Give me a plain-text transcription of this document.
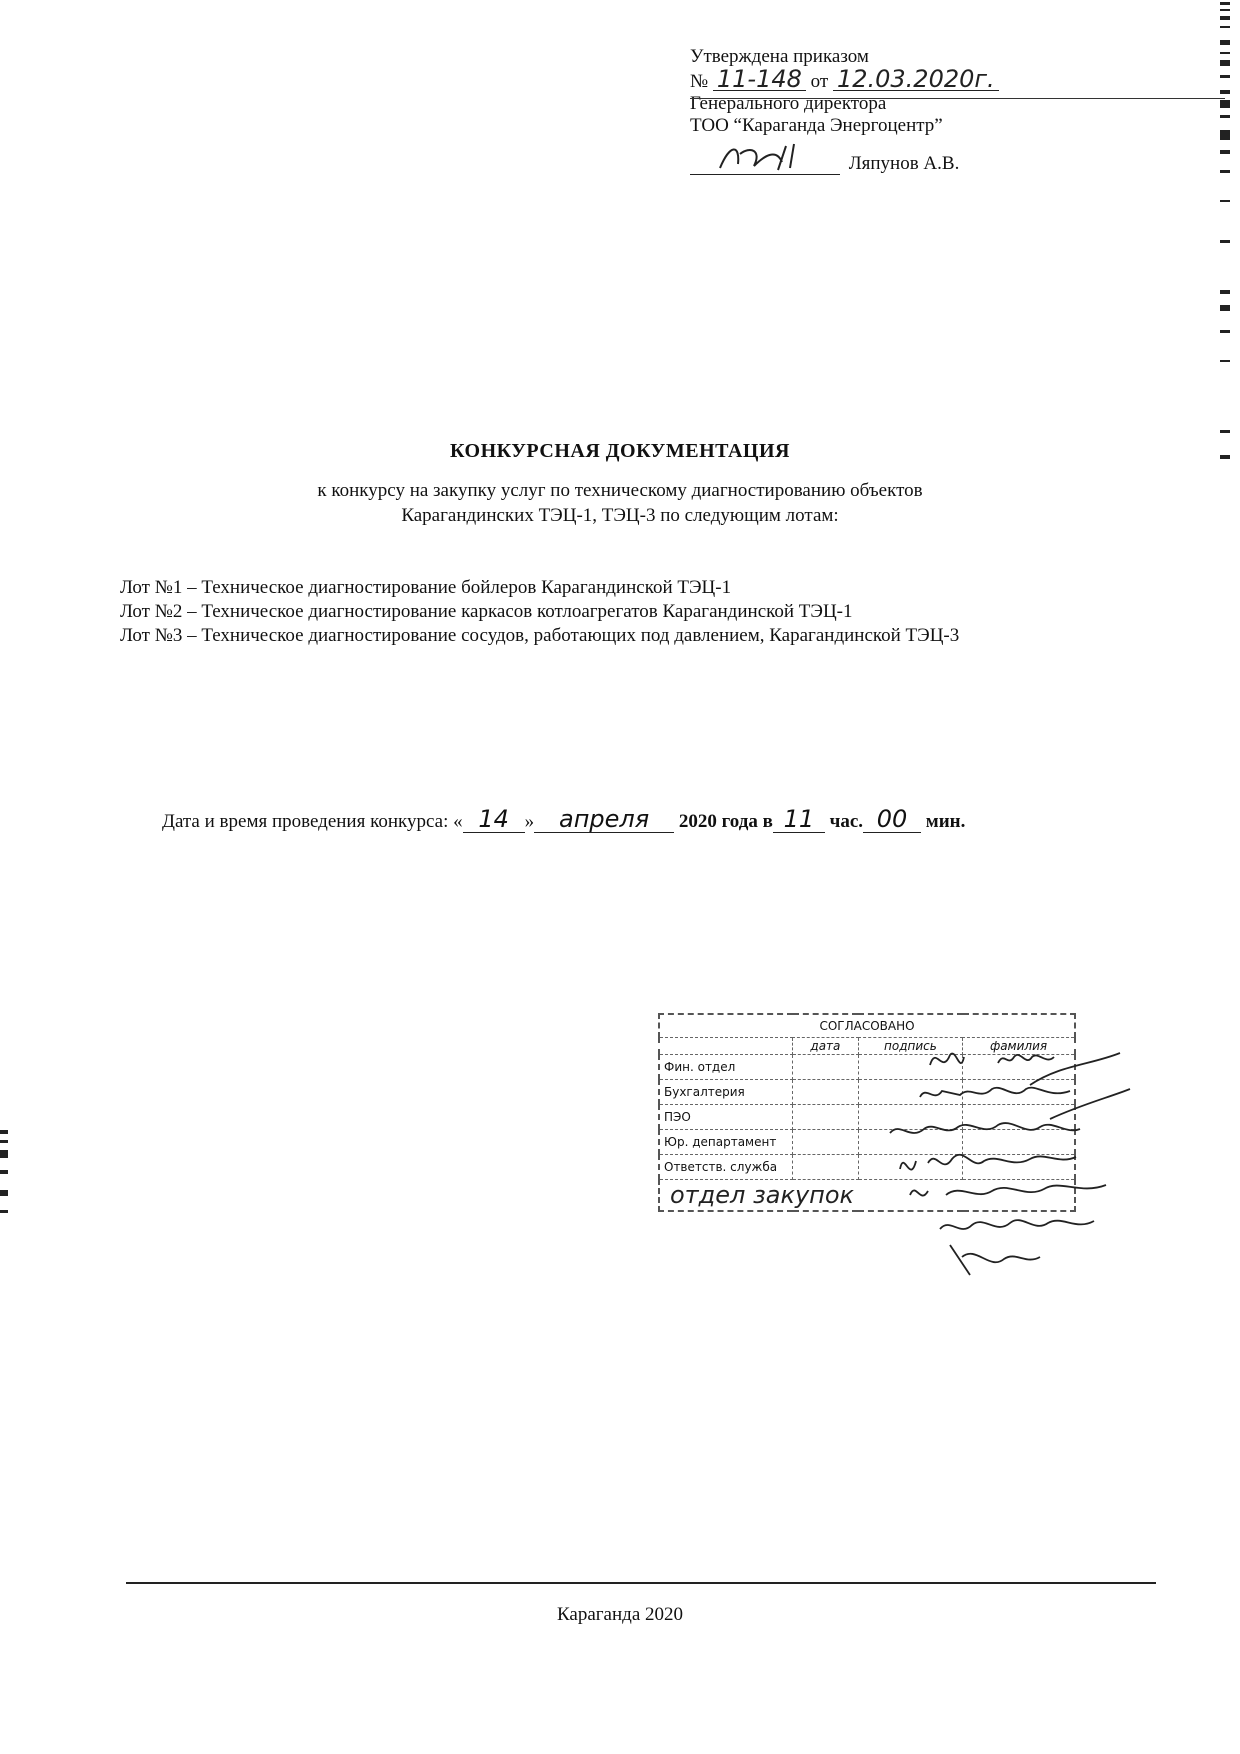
Утверждена приказом
№ 11-148 от 12.03.2020г.
Генерального директора
ТОО “Караганда Энергоцентр”
Ляпунов А.В.
КОНКУРСНАЯ ДОКУМЕНТАЦИЯ
к конкурсу на закупку услуг по техническому диагностированию объектов
Карагандинских ТЭЦ-1, ТЭЦ-3 по следующим лотам:
Лот №1 – Техническое диагностирование бойлеров Карагандинской ТЭЦ-1
Лот №2 – Техническое диагностирование каркасов котлоагрегатов Карагандинской ТЭЦ-1
Лот №3 – Техническое диагностирование сосудов, работающих под давлением, Карагандинской ТЭЦ-3
Дата и время проведения конкурса: « 14 » апреля 2020 года в 11 час. 00 мин.
СОГЛАСОВАНО			
	дата	подпись	фамилия
Фин. отдел			
Бухгалтерия			
ПЭО			
Юр. департамент			
Ответств. служба			
отдел закупок			
Караганда 2020
